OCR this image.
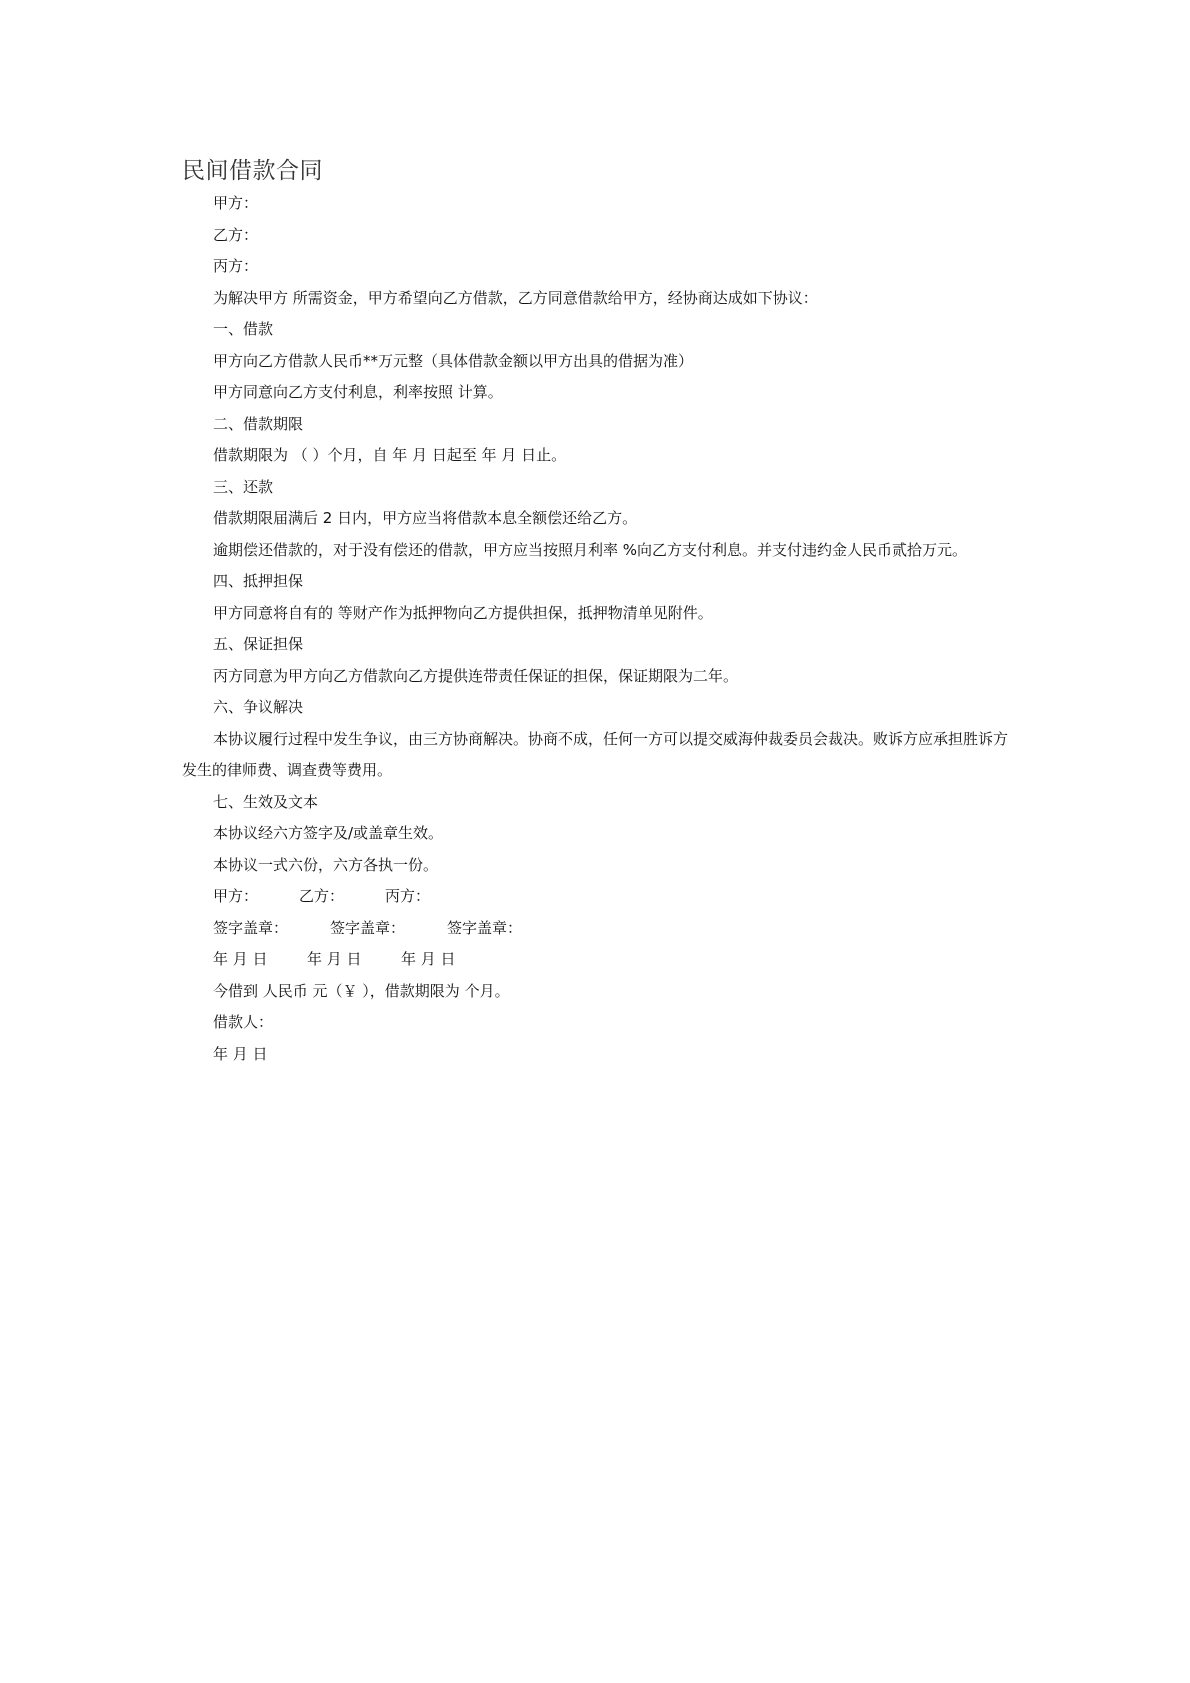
民间借款合同
甲方：
乙方：
丙方：
为解决甲方 所需资金，甲方希望向乙方借款，乙方同意借款给甲方，经协商达成如下协议：
一、借款
甲方向乙方借款人民币**万元整（具体借款金额以甲方出具的借据为准）
甲方同意向乙方支付利息，利率按照 计算。
二、借款期限
借款期限为 （ ）个月，自 年 月 日起至 年 月 日止。
三、还款
借款期限届满后 2 日内，甲方应当将借款本息全额偿还给乙方。
逾期偿还借款的，对于没有偿还的借款，甲方应当按照月利率 %向乙方支付利息。并支付违约金人民币贰拾万元。
四、抵押担保
甲方同意将自有的 等财产作为抵押物向乙方提供担保，抵押物清单见附件。
五、保证担保
丙方同意为甲方向乙方借款向乙方提供连带责任保证的担保，保证期限为二年。
六、争议解决
本协议履行过程中发生争议，由三方协商解决。协商不成，任何一方可以提交威海仲裁委员会裁决。败诉方应承担胜诉方发生的律师费、调查费等费用。
七、生效及文本
本协议经六方签字及/或盖章生效。
本协议一式六份，六方各执一份。
甲方：	乙方：	丙方：
签字盖章：	签字盖章：	签字盖章：
年 月 日	年 月 日	年 月 日
今借到 人民币 元（￥ ），借款期限为 个月。
借款人：
年 月 日
